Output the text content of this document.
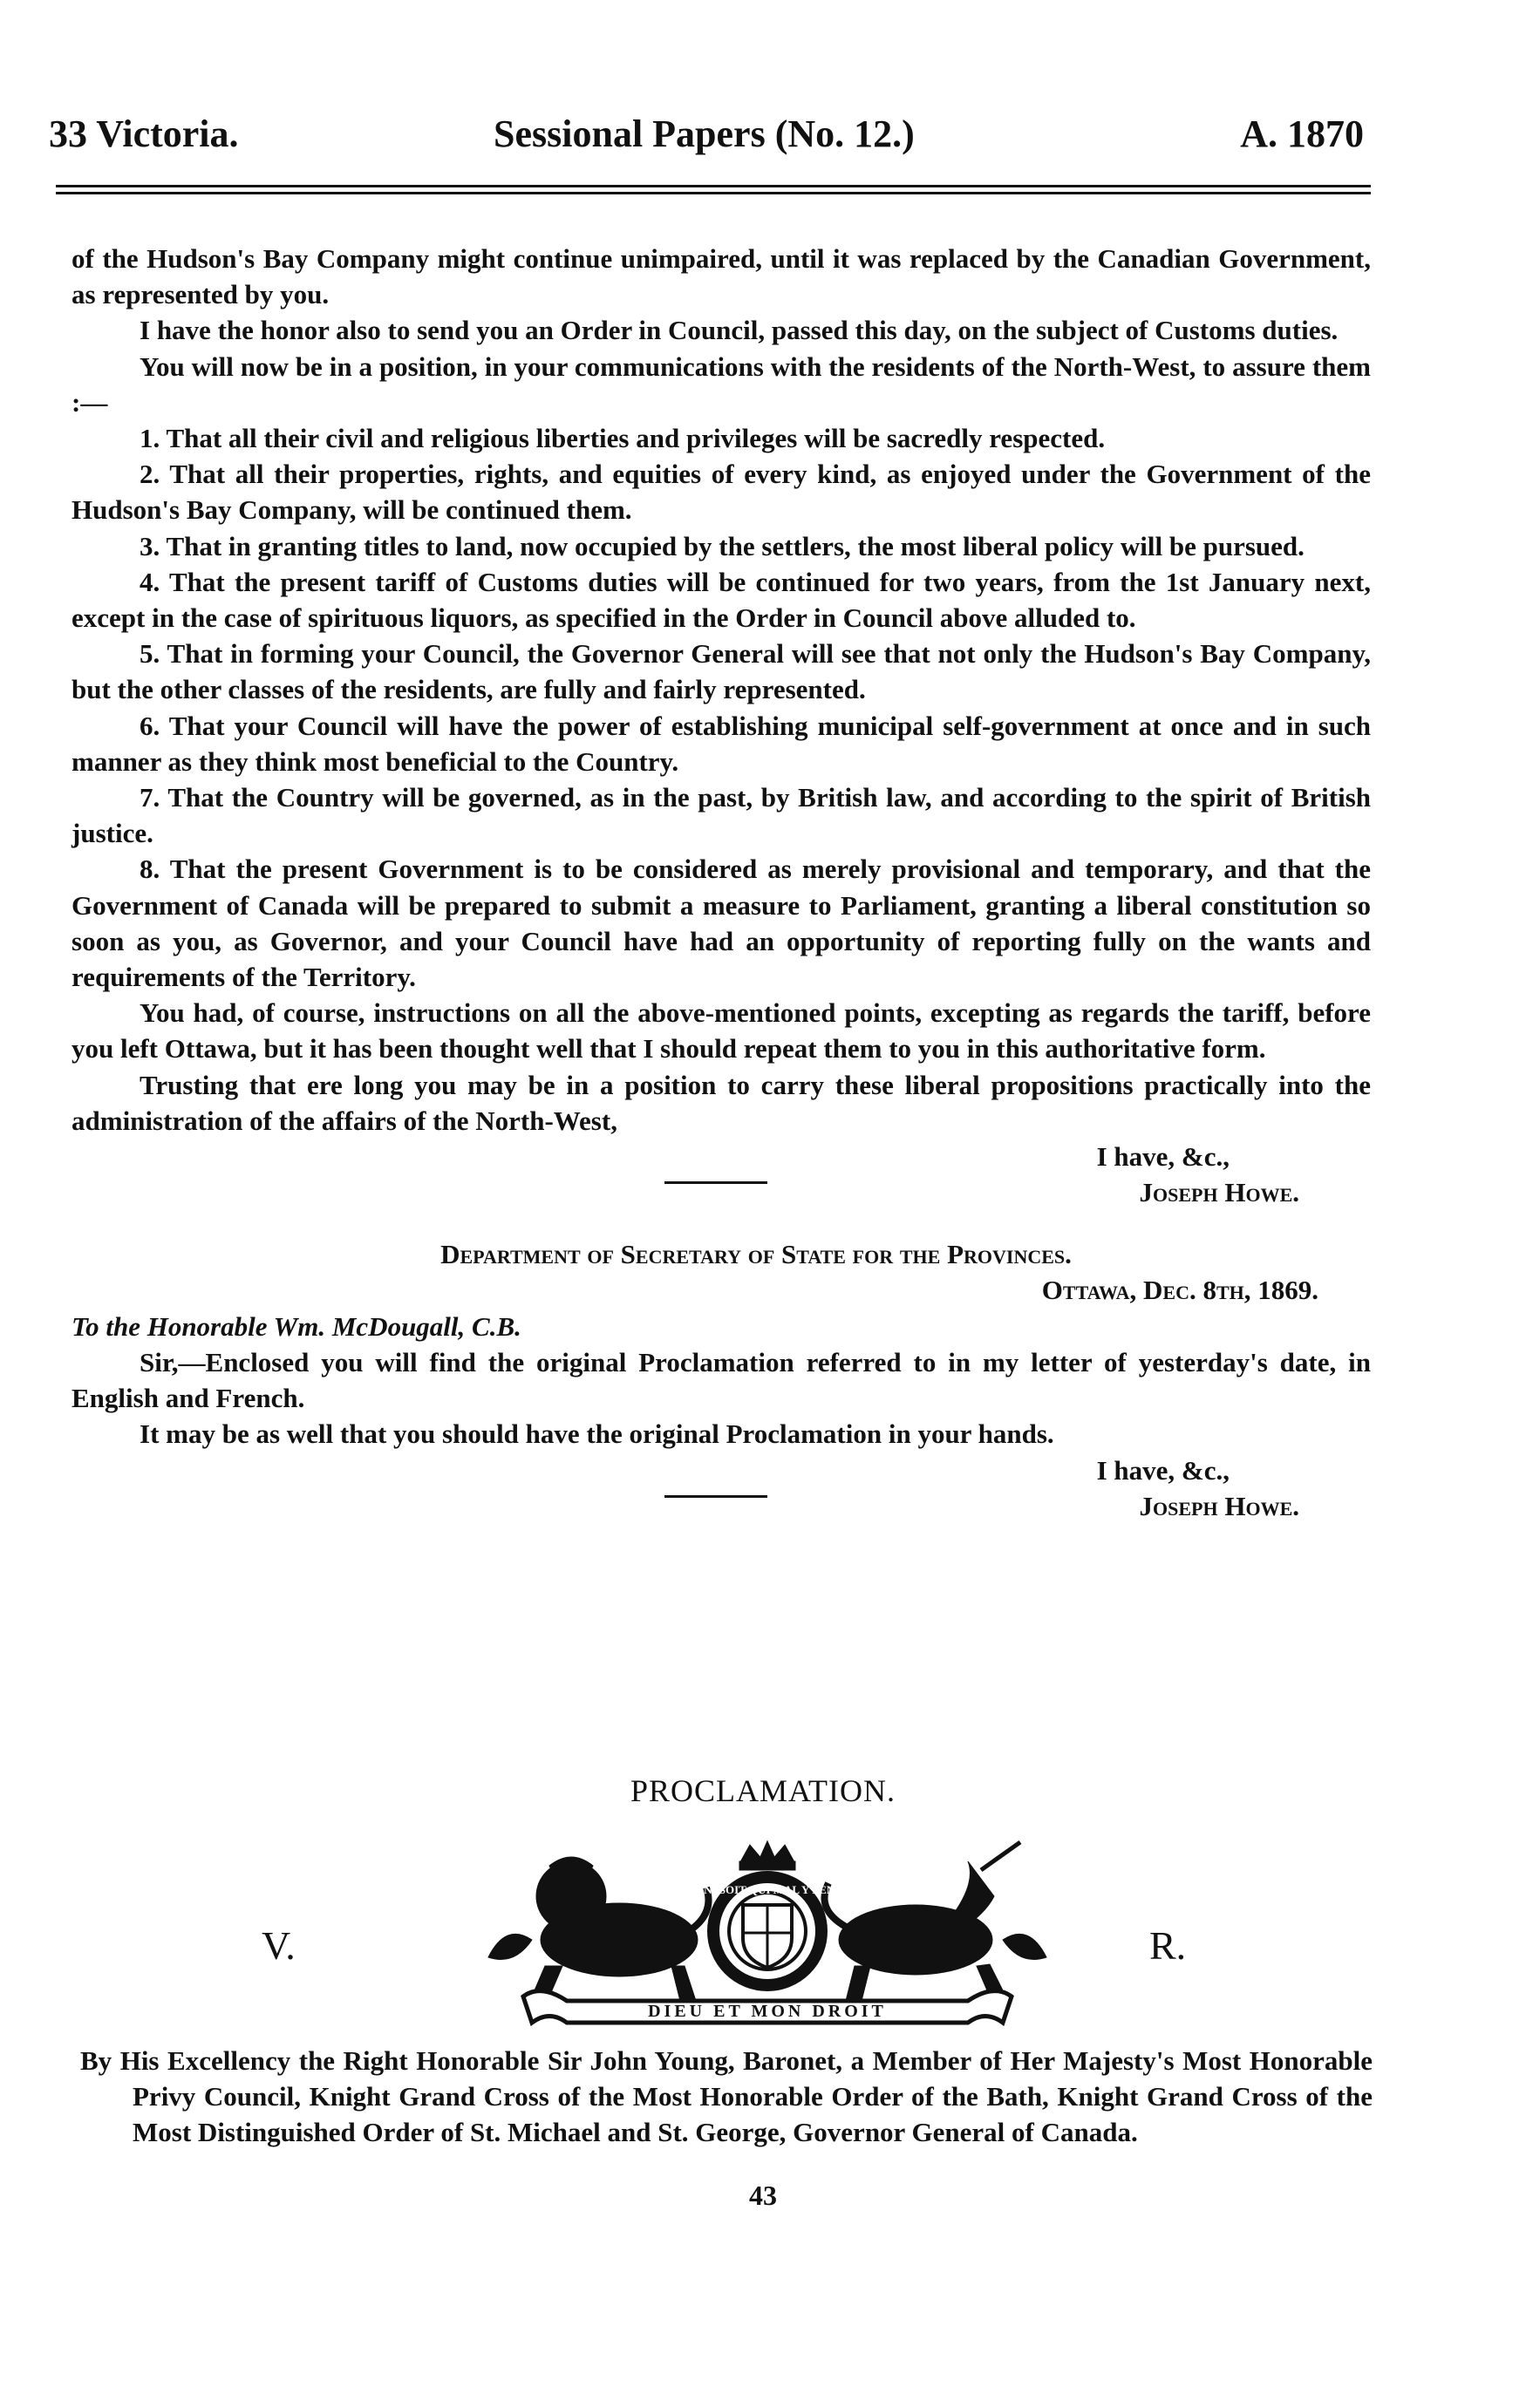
33 Victoria.	Sessional Papers (No. 12.)	A. 1870

of the Hudson's Bay Company might continue unimpaired, until it was replaced by the Canadian Government, as represented by you.

I have the honor also to send you an Order in Council, passed this day, on the subject of Customs duties.

You will now be in a position, in your communications with the residents of the North-West, to assure them :—

1. That all their civil and religious liberties and privileges will be sacredly respected.

2. That all their properties, rights, and equities of every kind, as enjoyed under the Government of the Hudson's Bay Company, will be continued them.

3. That in granting titles to land, now occupied by the settlers, the most liberal policy will be pursued.

4. That the present tariff of Customs duties will be continued for two years, from the 1st January next, except in the case of spirituous liquors, as specified in the Order in Council above alluded to.

5. That in forming your Council, the Governor General will see that not only the Hudson's Bay Company, but the other classes of the residents, are fully and fairly represented.

6. That your Council will have the power of establishing municipal self-government at once and in such manner as they think most beneficial to the Country.

7. That the Country will be governed, as in the past, by British law, and according to the spirit of British justice.

8. That the present Government is to be considered as merely provisional and temporary, and that the Government of Canada will be prepared to submit a measure to Parliament, granting a liberal constitution so soon as you, as Governor, and your Council have had an opportunity of reporting fully on the wants and requirements of the Territory.

You had, of course, instructions on all the above-mentioned points, excepting as regards the tariff, before you left Ottawa, but it has been thought well that I should repeat them to you in this authoritative form.

Trusting that ere long you may be in a position to carry these liberal propositions practically into the administration of the affairs of the North-West,

I have, &c.,
Joseph Howe.

Department of Secretary of State for the Provinces.

Ottawa, Dec. 8th, 1869.

To the Honorable Wm. McDougall, C.B.

Sir,—Enclosed you will find the original Proclamation referred to in my letter of yesterday's date, in English and French.

It may be as well that you should have the original Proclamation in your hands.

I have, &c.,
Joseph Howe.
PROCLAMATION.
V.
HONI SOIT QUI MAL Y PENSE
DIEU ET MON DROIT
R.

By His Excellency the Right Honorable Sir John Young, Baronet, a Member of Her Majesty's Most Honorable Privy Council, Knight Grand Cross of the Most Honorable Order of the Bath, Knight Grand Cross of the Most Distinguished Order of St. Michael and St. George, Governor General of Canada.

43
